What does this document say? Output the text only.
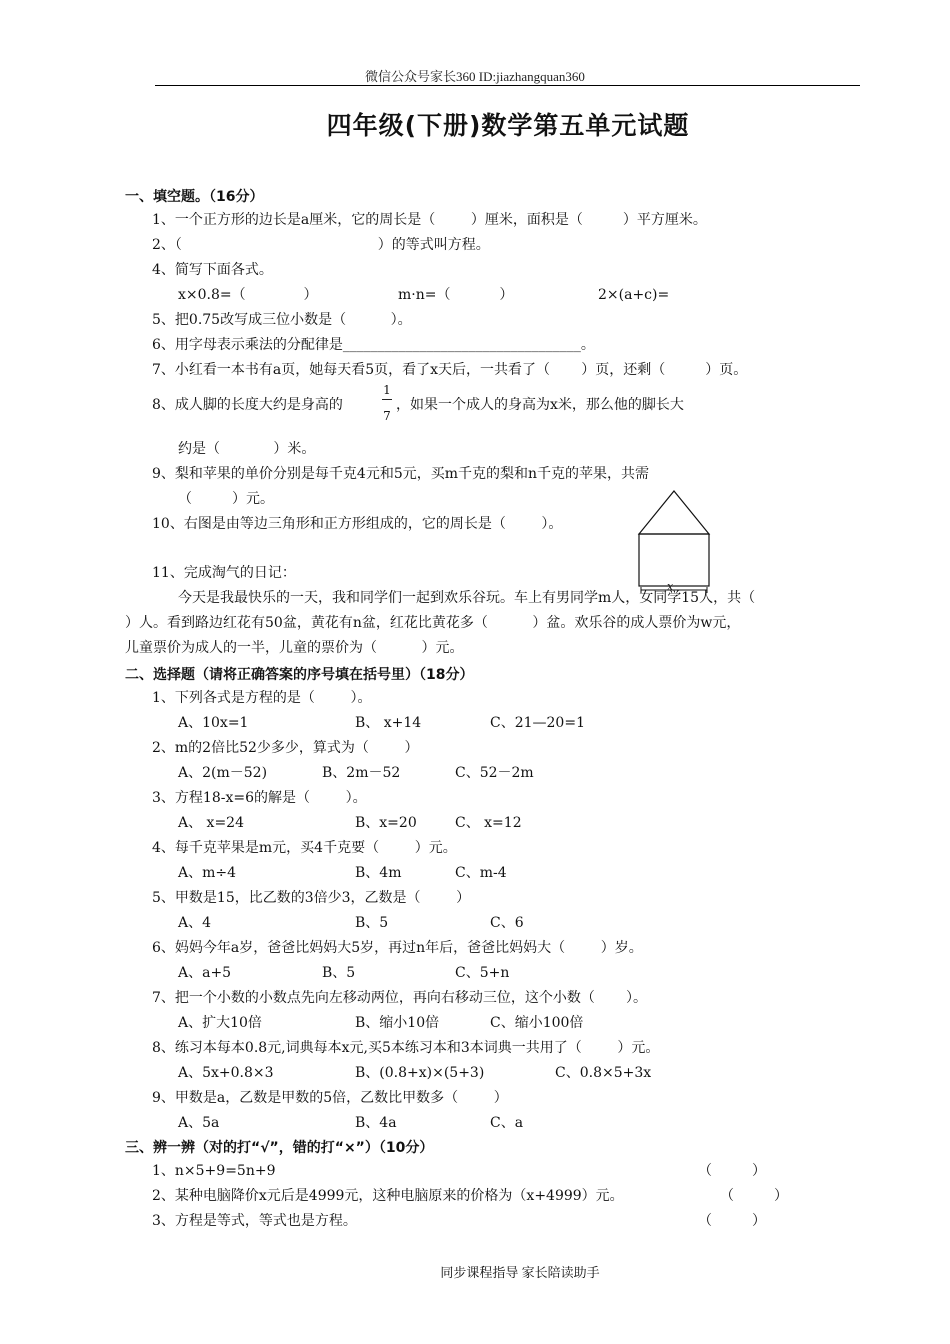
微信公众号家长360 ID:jiazhangquan360
四年级(下册)数学第五单元试题
一、填空题。（16分）
1、一个正方形的边长是a厘米，它的周长是（        ）厘米，面积是（         ）平方厘米。
2、（                                            ）的等式叫方程。
4、简写下面各式。
x×0.8=（             ）	m·n=（           ）	2×(a+c)=
5、把0.75改写成三位小数是（          ）。
6、用字母表示乘法的分配律是__________________________________。
7、小红看一本书有a页，她每天看5页，看了x天后，一共看了（       ）页，还剩（         ）页。
8、成人脚的长度大约是身高的
1
7
，如果一个成人的身高为x米，那么他的脚长大
约是（            ）米。
9、梨和苹果的单价分别是每千克4元和5元，买m千克的梨和n千克的苹果，共需
（         ）元。
10、右图是由等边三角形和正方形组成的，它的周长是（        ）。
x
11、完成淘气的日记：
今天是我最快乐的一天，我和同学们一起到欢乐谷玩。车上有男同学m人，女同学15人，共（
）人。看到路边红花有50盆，黄花有n盆，红花比黄花多（          ）盆。欢乐谷的成人票价为w元，
儿童票价为成人的一半，儿童的票价为（          ）元。
二、选择题（请将正确答案的序号填在括号里）（18分）
1、下列各式是方程的是（        ）。
A、10x=1	B、 x+14	C、21—20=1
2、m的2倍比52少多少，算式为（        ）
A、2(m－52)	B、2m－52	C、52－2m
3、方程18-x=6的解是（        ）。
A、 x=24	B、x=20	C、 x=12
4、每千克苹果是m元，买4千克要（        ）元。
A、m÷4	B、4m	C、m-4
5、甲数是15，比乙数的3倍少3，乙数是（        ）
A、4	B、5	C、6
6、妈妈今年a岁，爸爸比妈妈大5岁，再过n年后，爸爸比妈妈大（        ）岁。
A、a+5	B、5	C、5+n
7、把一个小数的小数点先向左移动两位，再向右移动三位，这个小数（       ）。
A、扩大10倍	B、缩小10倍	C、缩小100倍
8、练习本每本0.8元,词典每本x元,买5本练习本和3本词典一共用了（        ）元。
A、5x+0.8×3	B、(0.8+x)×(5+3)	C、0.8×5+3x
9、甲数是a，乙数是甲数的5倍，乙数比甲数多（        ）
A、5a	B、4a	C、a
三、辨一辨（对的打“√”，错的打“×”）（10分）
1、n×5+9=5n+9	（         ）
2、某种电脑降价x元后是4999元，这种电脑原来的价格为（x+4999）元。	（         ）
3、方程是等式，等式也是方程。	（         ）
同步课程指导 家长陪读助手
